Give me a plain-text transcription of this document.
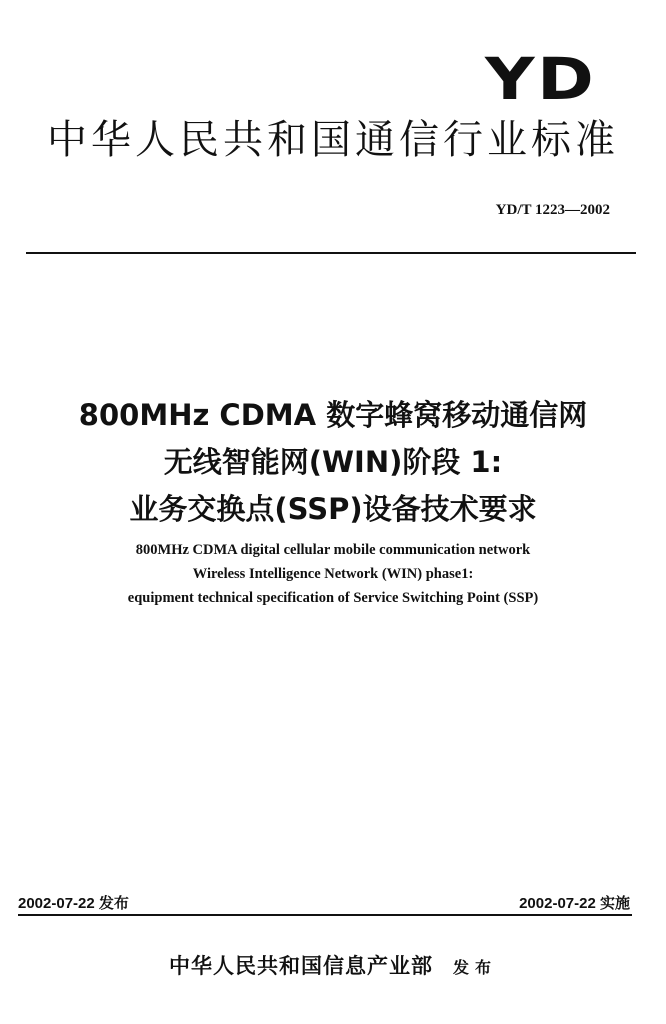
YD
中华人民共和国通信行业标准
YD/T 1223—2002
800MHz CDMA 数字蜂窝移动通信网
无线智能网(WIN)阶段 1:
业务交换点(SSP)设备技术要求
800MHz CDMA digital cellular mobile communication network
Wireless Intelligence Network (WIN) phase1:
equipment technical specification of Service Switching Point (SSP)
2002-07-22 发布	2002-07-22 实施
中华人民共和国信息产业部 发布
